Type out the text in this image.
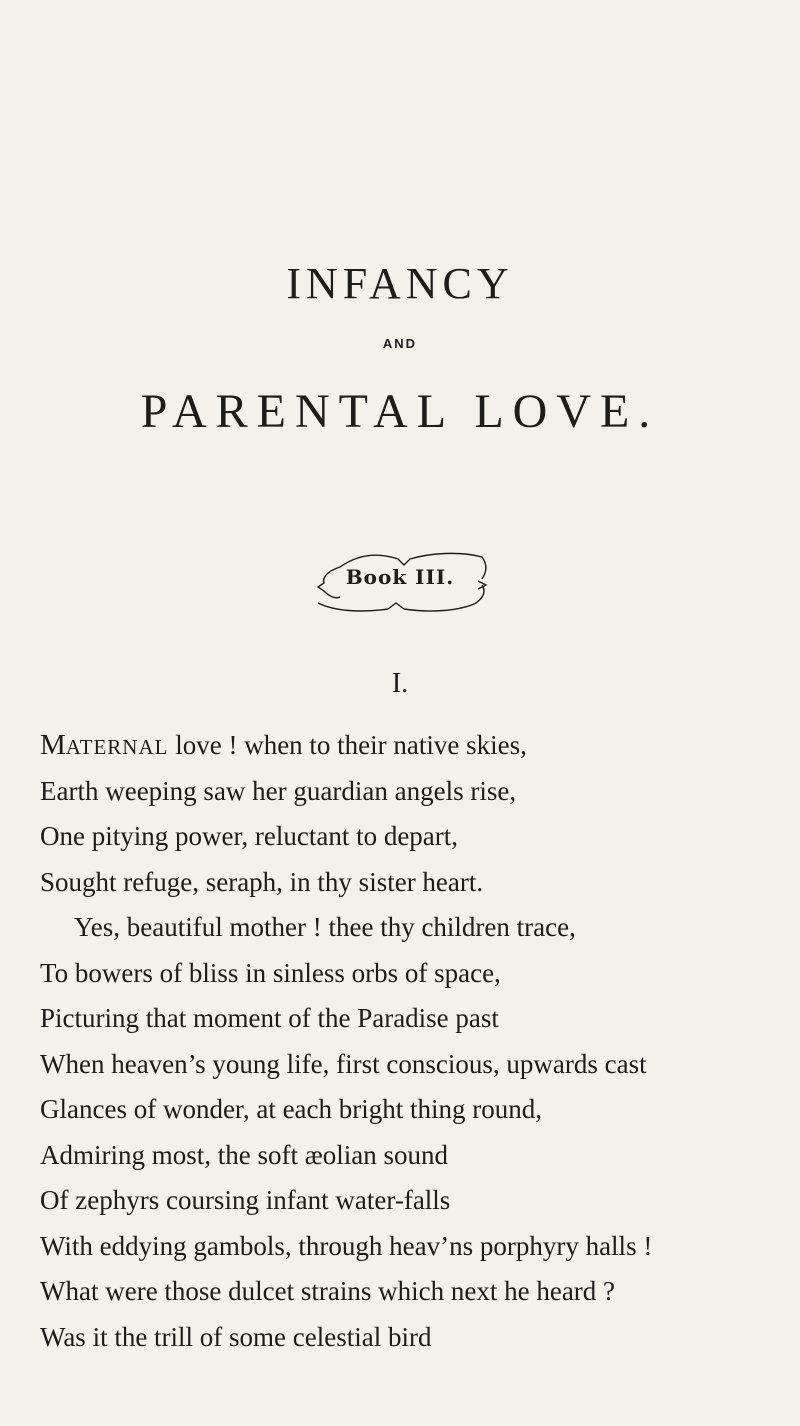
INFANCY
AND
PARENTAL LOVE.
Book III.
I.
MATERNAL love ! when to their native skies,
Earth weeping saw her guardian angels rise,
One pitying power, reluctant to depart,
Sought refuge, seraph, in thy sister heart.
Yes, beautiful mother ! thee thy children trace,
To bowers of bliss in sinless orbs of space,
Picturing that moment of the Paradise past
When heaven’s young life, first conscious, upwards cast
Glances of wonder, at each bright thing round,
Admiring most, the soft æolian sound
Of zephyrs coursing infant water-falls
With eddying gambols, through heav’ns porphyry halls !
What were those dulcet strains which next he heard ?
Was it the trill of some celestial bird
